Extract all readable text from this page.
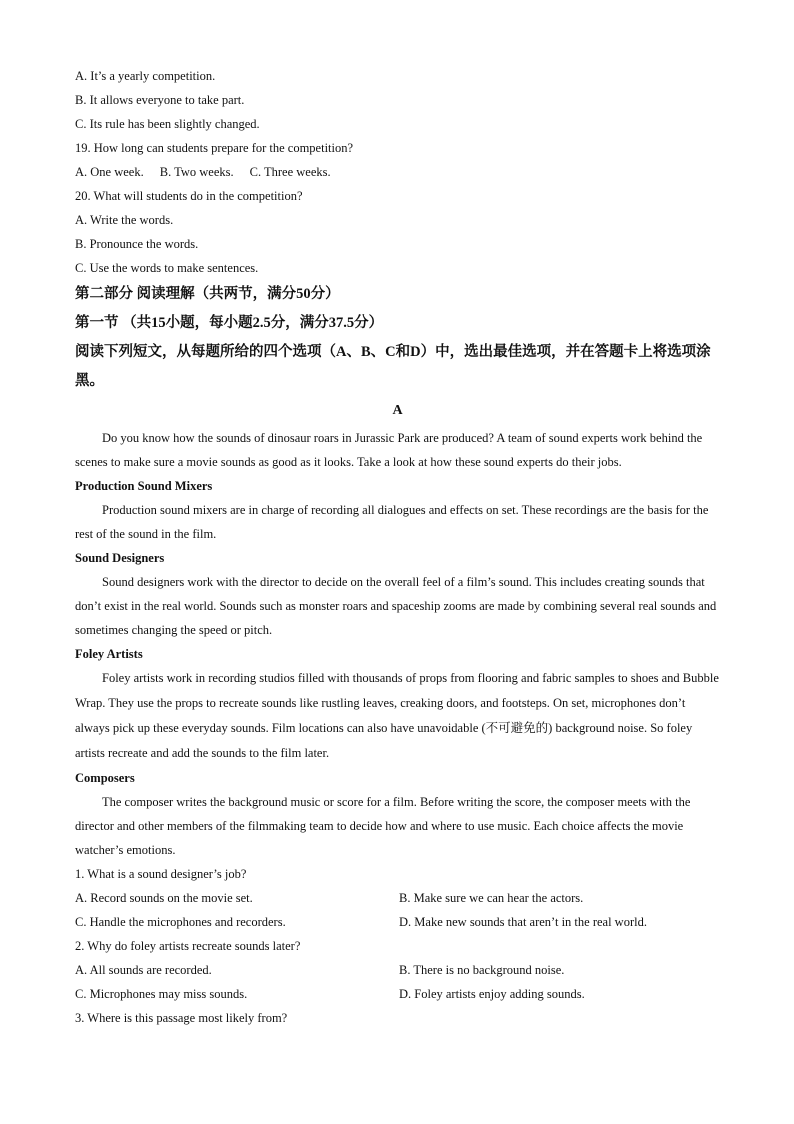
A. It’s a yearly competition.
B. It allows everyone to take part.
C. Its rule has been slightly changed.
19. How long can students prepare for the competition?
A. One week. B. Two weeks. C. Three weeks.
20. What will students do in the competition?
A. Write the words.
B. Pronounce the words.
C. Use the words to make sentences.
第二部分 阅读理解（共两节，满分50分）
第一节 （共15小题，每小题2.5分，满分37.5分）
阅读下列短文，从每题所给的四个选项（A、B、C和D）中，选出最佳选项，并在答题卡上将选项涂黑。
A
Do you know how the sounds of dinosaur roars in Jurassic Park are produced? A team of sound experts work behind the scenes to make sure a movie sounds as good as it looks. Take a look at how these sound experts do their jobs.
Production Sound Mixers
Production sound mixers are in charge of recording all dialogues and effects on set. These recordings are the basis for the rest of the sound in the film.
Sound Designers
Sound designers work with the director to decide on the overall feel of a film’s sound. This includes creating sounds that don’t exist in the real world. Sounds such as monster roars and spaceship zooms are made by combining several real sounds and sometimes changing the speed or pitch.
Foley Artists
Foley artists work in recording studios filled with thousands of props from flooring and fabric samples to shoes and Bubble Wrap. They use the props to recreate sounds like rustling leaves, creaking doors, and footsteps. On set, microphones don’t always pick up these everyday sounds. Film locations can also have unavoidable (不可避免的) background noise. So foley artists recreate and add the sounds to the film later.
Composers
The composer writes the background music or score for a film. Before writing the score, the composer meets with the director and other members of the filmmaking team to decide how and where to use music. Each choice affects the movie watcher’s emotions.
1. What is a sound designer’s job?
A. Record sounds on the movie set.	B. Make sure we can hear the actors.
C. Handle the microphones and recorders.	D. Make new sounds that aren’t in the real world.
2. Why do foley artists recreate sounds later?
A. All sounds are recorded.	B. There is no background noise.
C. Microphones may miss sounds.	D. Foley artists enjoy adding sounds.
3. Where is this passage most likely from?
